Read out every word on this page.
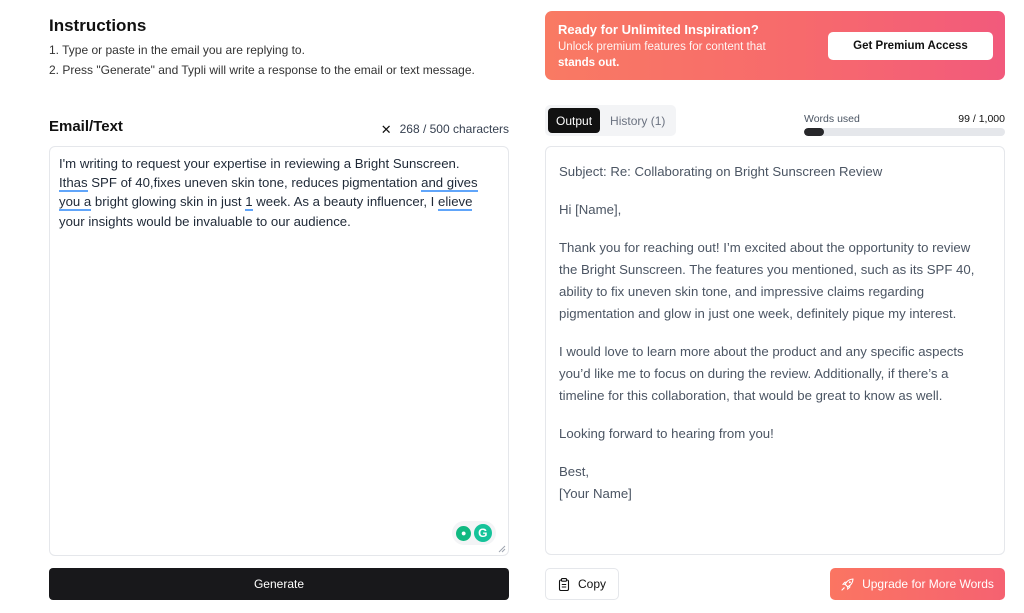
Instructions
1. Type or paste in the email you are replying to.
2. Press "Generate" and Typli will write a response to the email or text message.
Email/Text	✕ 268 / 500 characters
I'm writing to request your expertise in reviewing a Bright Sunscreen.
Ithas SPF of 40,fixes uneven skin tone, reduces pigmentation and gives
you a bright glowing skin in just 1 week. As a beauty influencer, I elieve
your insights would be invaluable to our audience.
● G
Generate
Ready for Unlimited Inspiration?
Unlock premium features for content that stands out.
Get Premium Access
Output	History (1)	Words used	99 / 1,000

Subject: Re: Collaborating on Bright Sunscreen Review

Hi [Name],

Thank you for reaching out! I’m excited about the opportunity to review the Bright Sunscreen. The features you mentioned, such as its SPF 40, ability to fix uneven skin tone, and impressive claims regarding pigmentation and glow in just one week, definitely pique my interest.

I would love to learn more about the product and any specific aspects you’d like me to focus on during the review. Additionally, if there’s a timeline for this collaboration, that would be great to know as well.

Looking forward to hearing from you!

Best,
[Your Name]
Copy	Upgrade for More Words
